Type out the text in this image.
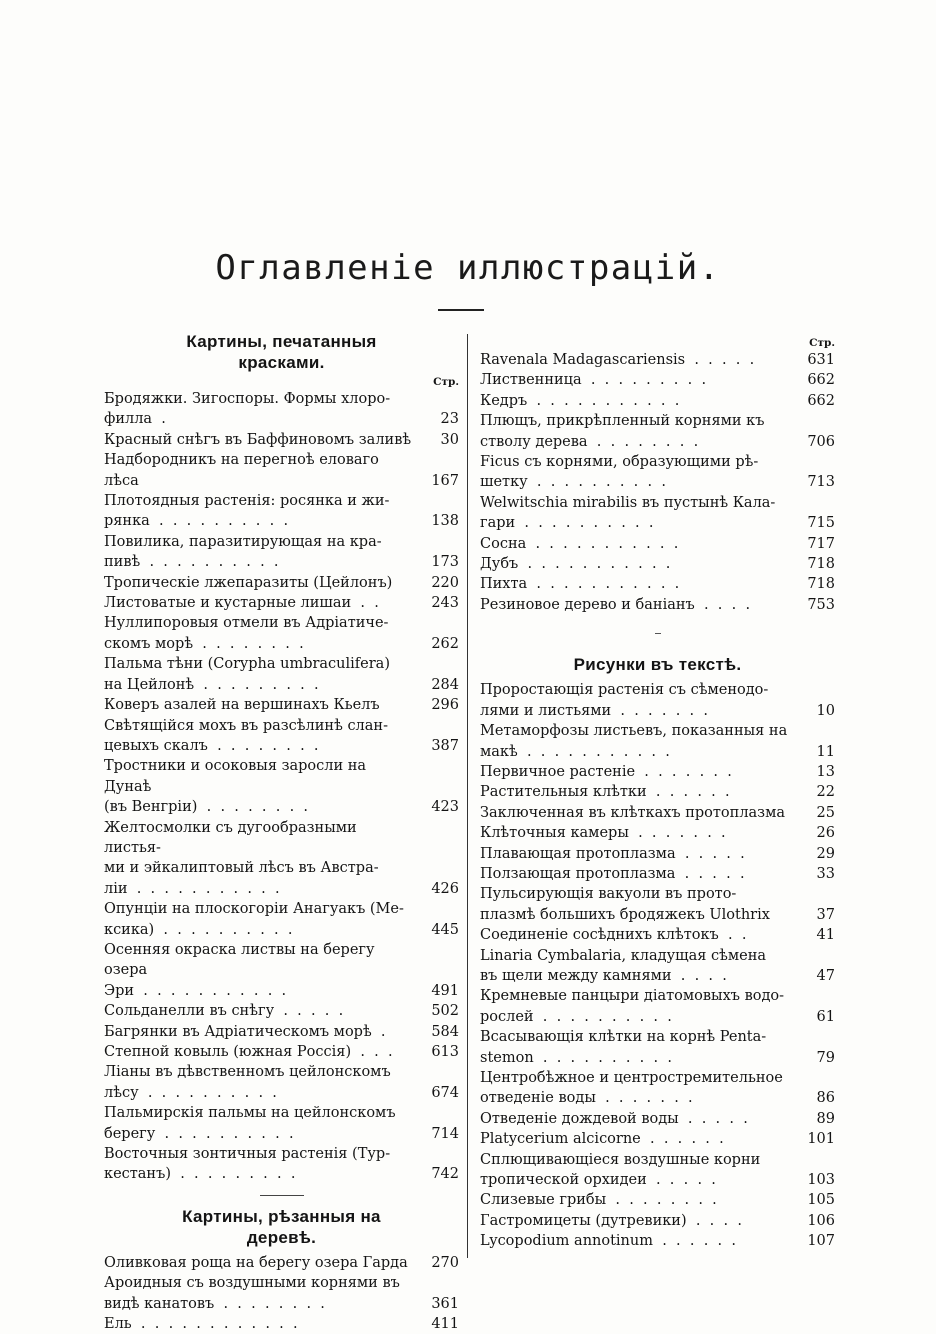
Оглавленіе иллюстрацій.
Картины, печатанныя
красками.
Стр.
Бродяжки. Зигоспоры. Формы хлоро-
филла  .	23
Красный снѣгъ въ Баффиновомъ заливѣ	30
Надбородникъ на перегноѣ еловаго лѣса	167
Плотоядныя растенія: росянка и жи-
рянка  .  .  .  .  .  .  .  .  .  .	138
Повилика, паразитирующая на кра-
пивѣ  .  .  .  .  .  .  .  .  .  .	173
Тропическіе лжепаразиты (Цейлонъ)	220
Листоватые и кустарные лишаи  .  .	243
Нуллипоровыя отмели въ Адріатиче-
скомъ морѣ  .  .  .  .  .  .  .  .	262
Пальма тѣни (Corypha umbraculifera)
на Цейлонѣ  .  .  .  .  .  .  .  .  .	284
Коверъ азалей на вершинахъ Кьелъ	296
Свѣтящійся мохъ въ разсѣлинѣ слан-
цевыхъ скалъ  .  .  .  .  .  .  .  .	387
Тростники и осоковыя заросли на Дунаѣ
(въ Венгріи)  .  .  .  .  .  .  .  .	423
Желтосмолки съ дугообразными листья-
ми и эйкалиптовый лѣсъ въ Австра-
ліи  .  .  .  .  .  .  .  .  .  .  .	426
Опунціи на плоскогоріи Анагуакъ (Ме-
ксика)  .  .  .  .  .  .  .  .  .  .	445
Осенняя окраска листвы на берегу озера
Эри  .  .  .  .  .  .  .  .  .  .  .	491
Сольданелли въ снѣгу  .  .  .  .  .	502
Багрянки въ Адріатическомъ морѣ  .	584
Степной ковыль (южная Россія)  .  .  .	613
Ліаны въ дѣвственномъ цейлонскомъ
лѣсу  .  .  .  .  .  .  .  .  .  .	674
Пальмирскія пальмы на цейлонскомъ
берегу  .  .  .  .  .  .  .  .  .  .	714
Восточныя зонтичныя растенія (Тур-
кестанъ)  .  .  .  .  .  .  .  .  .	742
Картины, рѣзанныя на
деревѣ.
Оливковая роща на берегу озера Гарда	270
Ароидныя съ воздушными корнями въ
видѣ канатовъ  .  .  .  .  .  .  .  .	361
Ель  .  .  .  .  .  .  .  .  .  .  .  .	411
Стр.
Ravenala Madagascariensis  .  .  .  .  .	631
Лиственница  .  .  .  .  .  .  .  .  .	662
Кедръ  .  .  .  .  .  .  .  .  .  .  .	662
Плющъ, прикрѣпленный корнями къ
стволу дерева  .  .  .  .  .  .  .  .	706
Ficus съ корнями, образующими рѣ-
шетку  .  .  .  .  .  .  .  .  .  .	713
Welwitschia mirabilis въ пустынѣ Кала-
гари  .  .  .  .  .  .  .  .  .  .	715
Сосна  .  .  .  .  .  .  .  .  .  .  .	717
Дубъ  .  .  .  .  .  .  .  .  .  .  .	718
Пихта  .  .  .  .  .  .  .  .  .  .  .	718
Резиновое дерево и баніанъ  .  .  .  .	753
Рисунки въ текстѣ.
Проростающія растенія съ сѣменодо-
лями и листьями  .  .  .  .  .  .  .	10
Метаморфозы листьевъ, показанныя на
макѣ  .  .  .  .  .  .  .  .  .  .  .	11
Первичное растеніе  .  .  .  .  .  .  .	13
Растительныя клѣтки  .  .  .  .  .  .	22
Заключенная въ клѣткахъ протоплазма	25
Клѣточныя камеры  .  .  .  .  .  .  .	26
Плавающая протоплазма  .  .  .  .  .	29
Ползающая протоплазма  .  .  .  .  .	33
Пульсирующія вакуоли въ прото-
плазмѣ большихъ бродяжекъ Ulothrix	37
Соединеніе сосѣднихъ клѣтокъ  .  .	41
Linaria Cymbalaria, кладущая сѣмена
въ щели между камнями  .  .  .  .	47
Кремневые панцыри діатомовыхъ водо-
рослей  .  .  .  .  .  .  .  .  .  .	61
Всасывающія клѣтки на корнѣ Penta-
stemon  .  .  .  .  .  .  .  .  .  .	79
Центробѣжное и центростремительное
отведеніе воды  .  .  .  .  .  .  .	86
Отведеніе дождевой воды  .  .  .  .  .	89
Platycerium alcicorne  .  .  .  .  .  .	101
Сплющивающіеся воздушные корни
тропической орхидеи  .  .  .  .  .	103
Слизевые грибы  .  .  .  .  .  .  .  .	105
Гастромицеты (дутревики)  .  .  .  .	106
Lycopodium annotinum  .  .  .  .  .  .	107
